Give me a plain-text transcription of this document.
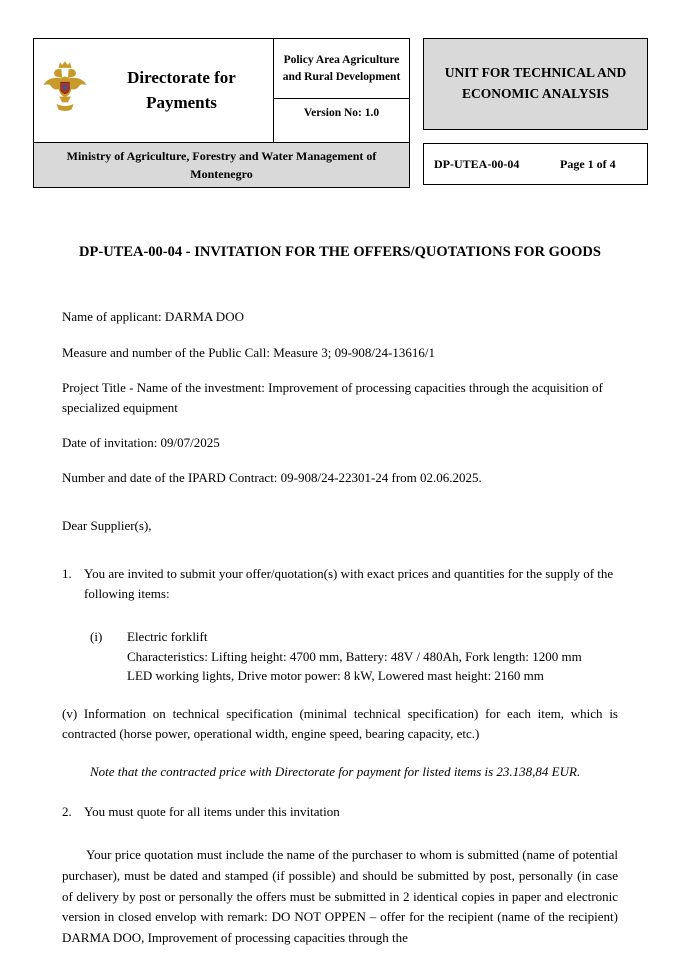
Directorate for Payments
Policy Area Agriculture and Rural Development
Version No: 1.0
UNIT FOR TECHNICAL AND ECONOMIC ANALYSIS
Ministry of Agriculture, Forestry and Water Management of Montenegro
DP-UTEA-00-04	Page 1 of 4
DP-UTEA-00-04 - INVITATION FOR THE OFFERS/QUOTATIONS FOR GOODS

Name of applicant: DARMA DOO

Measure and number of the Public Call: Measure 3; 09-908/24-13616/1

Project Title - Name of the investment: Improvement of processing capacities through the acquisition of specialized equipment

Date of invitation: 09/07/2025

Number and date of the IPARD Contract: 09-908/24-22301-24 from 02.06.2025.

Dear Supplier(s),

1. You are invited to submit your offer/quotation(s) with exact prices and quantities for the supply of the following items:
(i)	Electric forklift
Characteristics: Lifting height: 4700 mm, Battery: 48V / 480Ah, Fork length: 1200 mm
LED working lights, Drive motor power: 8 kW, Lowered mast height: 2160 mm

(v) Information on technical specification (minimal technical specification) for each item, which is contracted (horse power, operational width, engine speed, bearing capacity, etc.)

Note that the contracted price with Directorate for payment for listed items is 23.138,84 EUR.

2. You must quote for all items under this invitation

Your price quotation must include the name of the purchaser to whom is submitted (name of potential purchaser), must be dated and stamped (if possible) and should be submitted by post, personally (in case of delivery by post or personally the offers must be submitted in 2 identical copies in paper and electronic version in closed envelop with remark: DO NOT OPPEN – offer for the recipient (name of the recipient) DARMA DOO, Improvement of processing capacities through the
